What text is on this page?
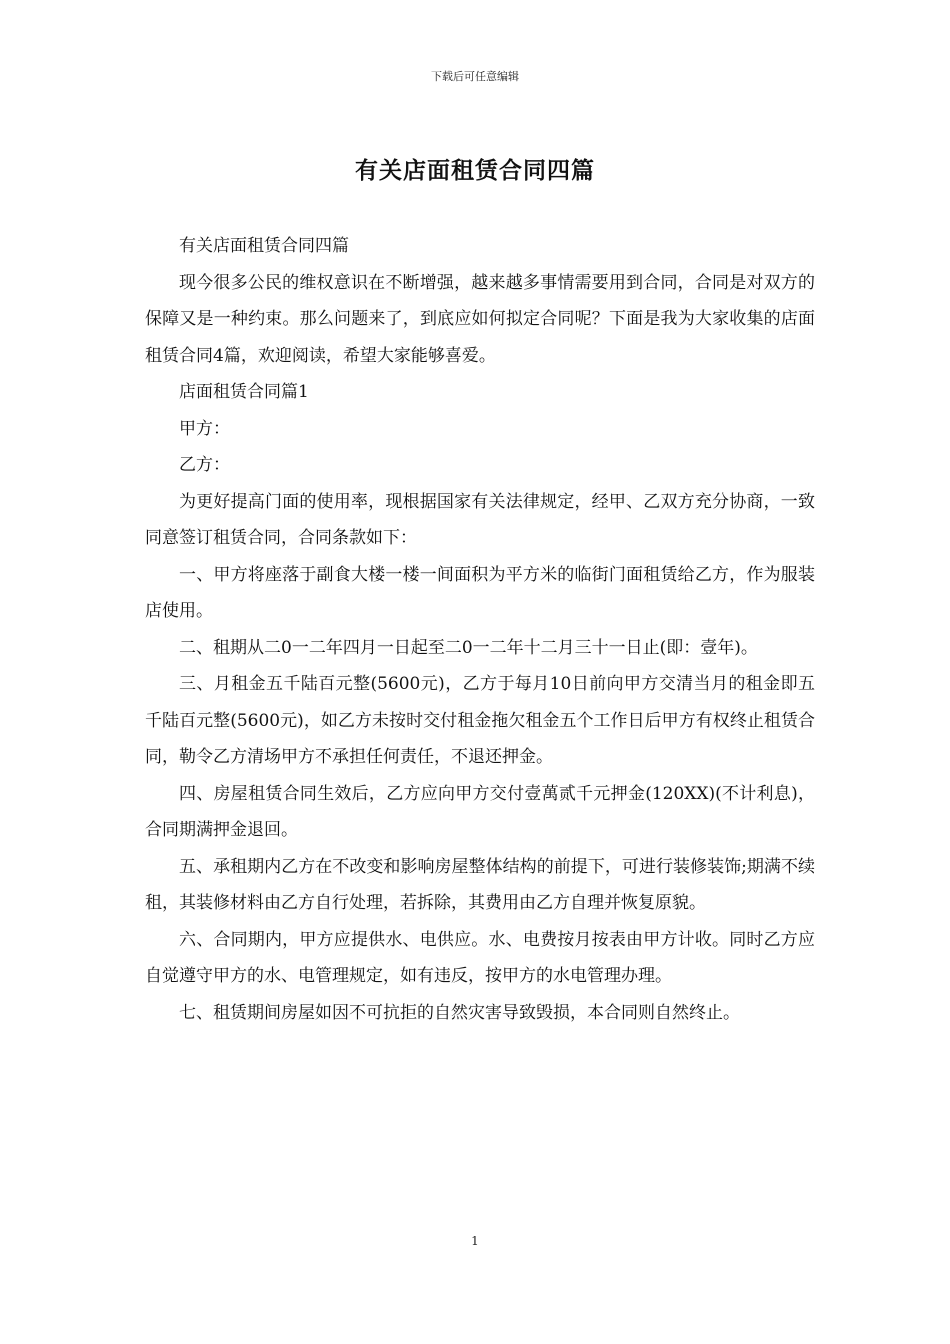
下载后可任意编辑
有关店面租赁合同四篇

有关店面租赁合同四篇

现今很多公民的维权意识在不断增强，越来越多事情需要用到合同，合同是对双方的保障又是一种约束。那么问题来了，到底应如何拟定合同呢？下面是我为大家收集的店面租赁合同4篇，欢迎阅读，希望大家能够喜爱。

店面租赁合同篇1

甲方：

乙方：

为更好提高门面的使用率，现根据国家有关法律规定，经甲、乙双方充分协商，一致同意签订租赁合同，合同条款如下：

一、甲方将座落于副食大楼一楼一间面积为平方米的临街门面租赁给乙方，作为服装店使用。

二、租期从二0一二年四月一日起至二0一二年十二月三十一日止(即：壹年)。

三、月租金五千陆百元整(5600元)，乙方于每月10日前向甲方交清当月的租金即五千陆百元整(5600元)，如乙方未按时交付租金拖欠租金五个工作日后甲方有权终止租赁合同，勒令乙方清场甲方不承担任何责任，不退还押金。

四、房屋租赁合同生效后，乙方应向甲方交付壹萬贰千元押金(120XX)(不计利息)，合同期满押金退回。

五、承租期内乙方在不改变和影响房屋整体结构的前提下，可进行装修装饰;期满不续租，其装修材料由乙方自行处理，若拆除，其费用由乙方自理并恢复原貌。

六、合同期内，甲方应提供水、电供应。水、电费按月按表由甲方计收。同时乙方应自觉遵守甲方的水、电管理规定，如有违反，按甲方的水电管理办理。

七、租赁期间房屋如因不可抗拒的自然灾害导致毁损，本合同则自然终止。

1
